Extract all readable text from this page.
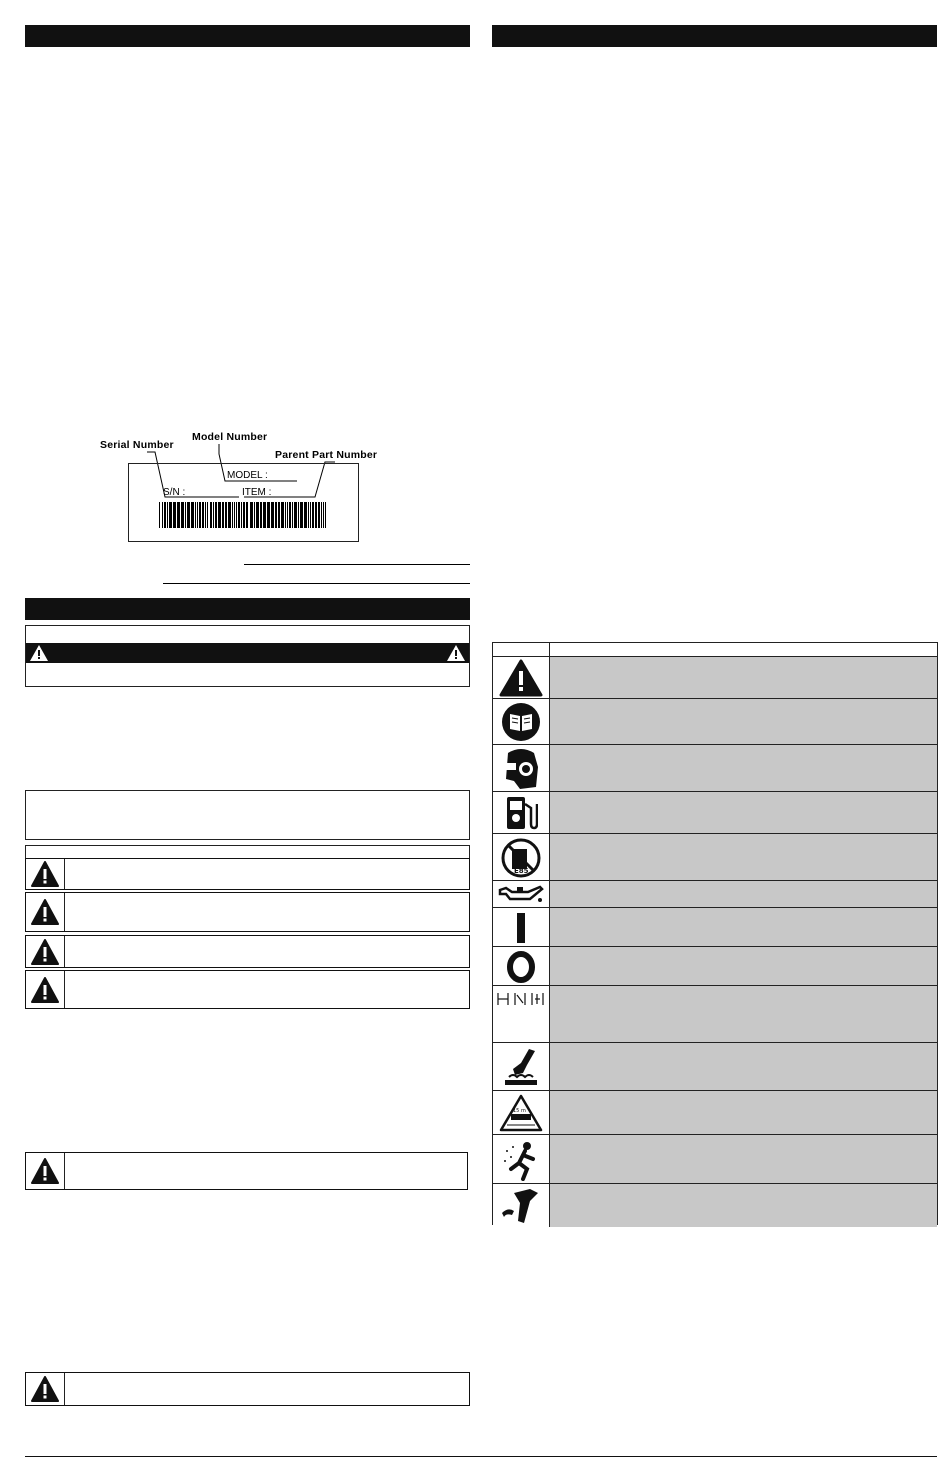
Model Number
Serial Number
Parent Part Number
MODEL :
S/N :	ITEM :
E85
15 m
